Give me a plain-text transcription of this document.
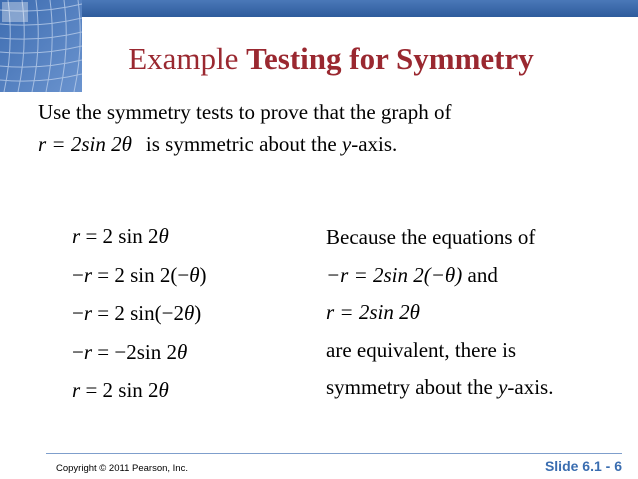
Example Testing for Symmetry
Use the symmetry tests to prove that the graph of
r = 2sin 2θ is symmetric about the y-axis.
r = 2 sin 2θ
−r = 2 sin 2(−θ)
−r = 2 sin(−2θ)
−r = −2sin 2θ
r = 2 sin 2θ
Because the equations of
−r = 2sin 2(−θ) and
r = 2sin 2θ
are equivalent, there is
symmetry about the y-axis.
Copyright © 2011 Pearson, Inc.	Slide 6.1 - 6
